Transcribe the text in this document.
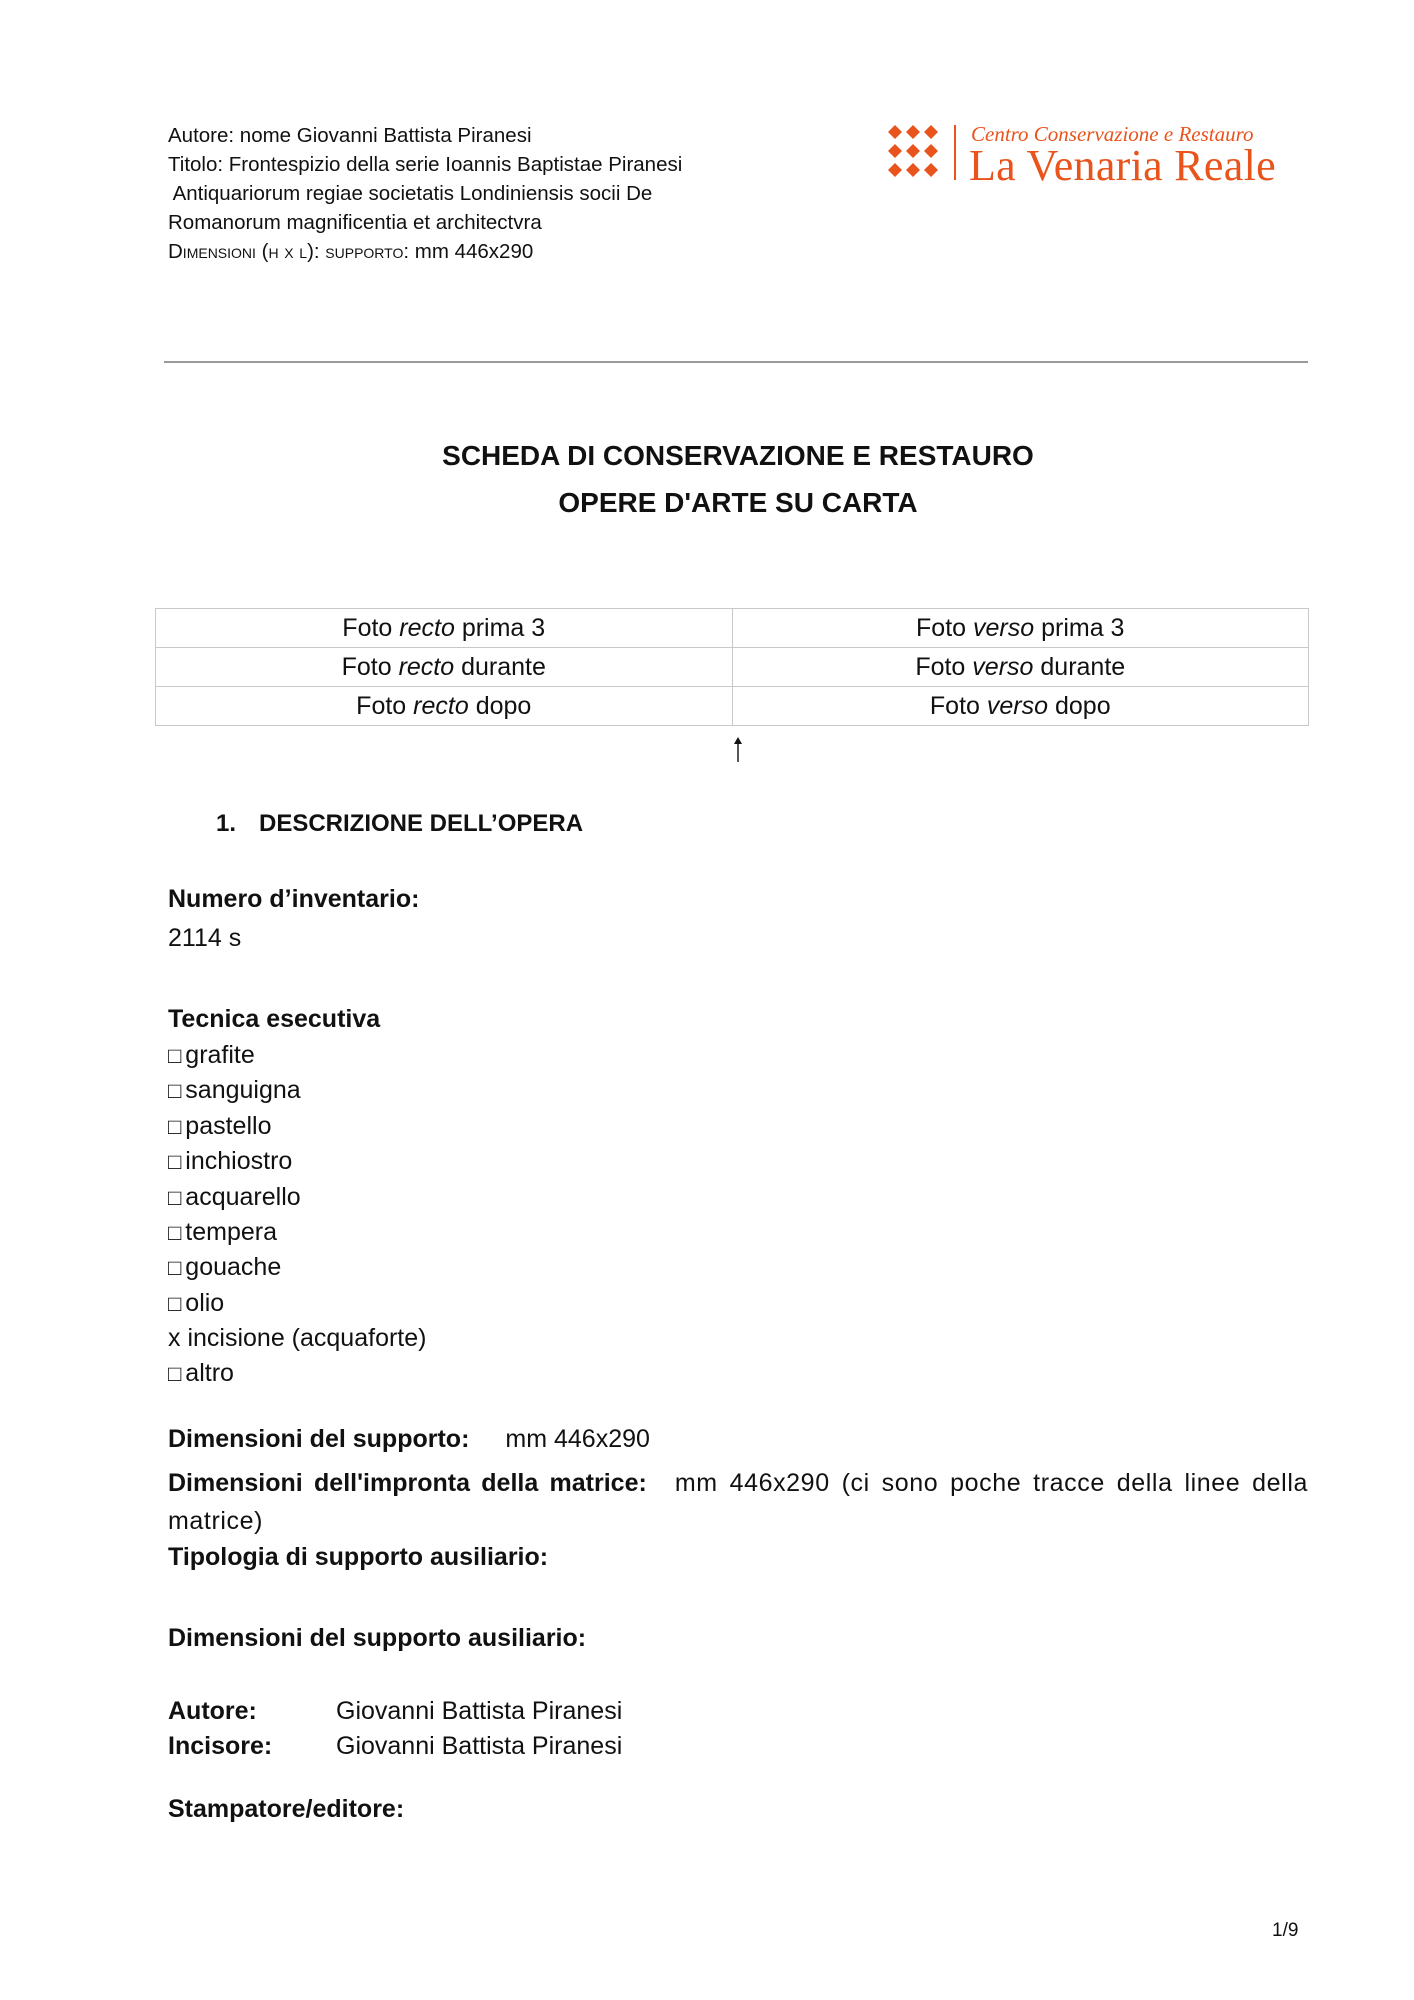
Autore: nome Giovanni Battista Piranesi
Titolo: Frontespizio della serie Ioannis Baptistae Piranesi
Antiquariorum regiae societatis Londiniensis socii De
Romanorum magnificentia et architectvra
Dimensioni (h x l): supporto: mm 446x290
Centro Conservazione e Restauro
La Venaria Reale
SCHEDA DI CONSERVAZIONE E RESTAURO
OPERE D'ARTE SU CARTA
Foto recto prima 3	Foto verso prima 3
Foto recto durante	Foto verso durante
Foto recto dopo	Foto verso dopo
1. DESCRIZIONE DELL’OPERA
Numero d’inventario:
2114 s
Tecnica esecutiva
□ grafite
□ sanguigna
□ pastello
□ inchiostro
□ acquarello
□ tempera
□ gouache
□ olio
x incisione (acquaforte)
□ altro
Dimensioni del supporto: mm 446x290
Dimensioni dell'impronta della matrice: mm 446x290 (ci sono poche tracce della linee della matrice)
Tipologia di supporto ausiliario:
Dimensioni del supporto ausiliario:
Autore:	Giovanni Battista Piranesi
Incisore:	Giovanni Battista Piranesi
Stampatore/editore:
1/9
